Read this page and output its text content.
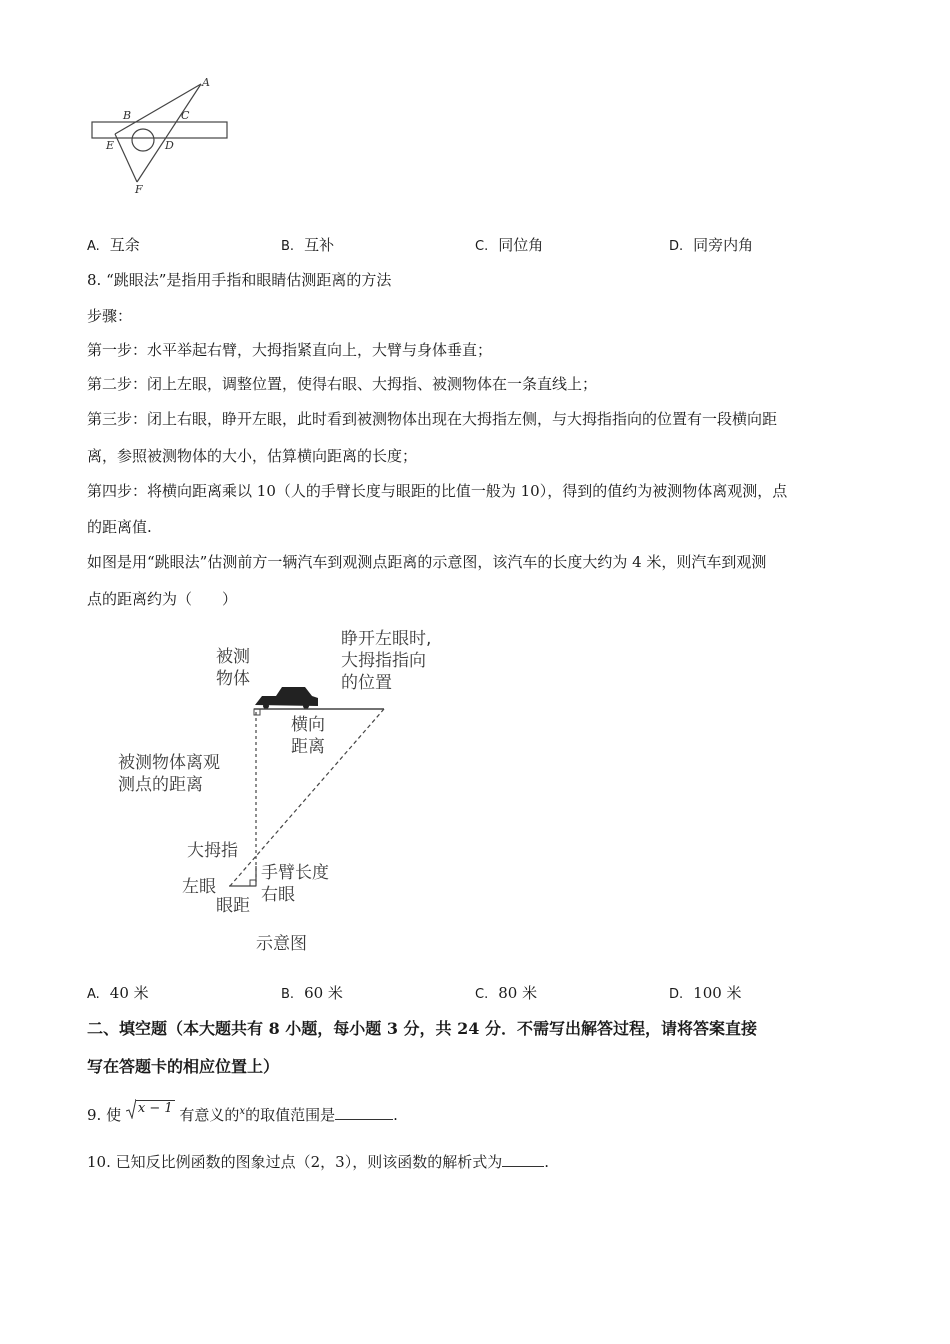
A
B	C
E	D
F
A. 互余	B. 互补	C. 同位角	D. 同旁内角
8. “跳眼法”是指用手指和眼睛估测距离的方法
步骤：
第一步：水平举起右臂，大拇指紧直向上，大臂与身体垂直；
第二步：闭上左眼，调整位置，使得右眼、大拇指、被测物体在一条直线上；
第三步：闭上右眼，睁开左眼，此时看到被测物体出现在大拇指左侧，与大拇指指向的位置有一段横向距
离，参照被测物体的大小，估算横向距离的长度；
第四步：将横向距离乘以 10（人的手臂长度与眼距的比值一般为 10），得到的值约为被测物体离观测，点
的距离值.
如图是用“跳眼法”估测前方一辆汽车到观测点距离的示意图，该汽车的长度大约为 4 米，则汽车到观测
点的距离约为（　　）
被测
物体
睁开左眼时,
大拇指指向
的位置
横向
距离
被测物体离观
测点的距离
大拇指
手臂长度
左眼	右眼
眼距
示意图
A. 40 米	B. 60 米	C. 80 米	D. 100 米
二、填空题（本大题共有 8 小题，每小题 3 分，共 24 分．不需写出解答过程，请将答案直接
写在答题卡的相应位置上）
9. 使 x − 1 有意义的$^x$的取值范围是	.
10. 已知反比例函数的图象过点（2，3），则该函数的解析式为	.
